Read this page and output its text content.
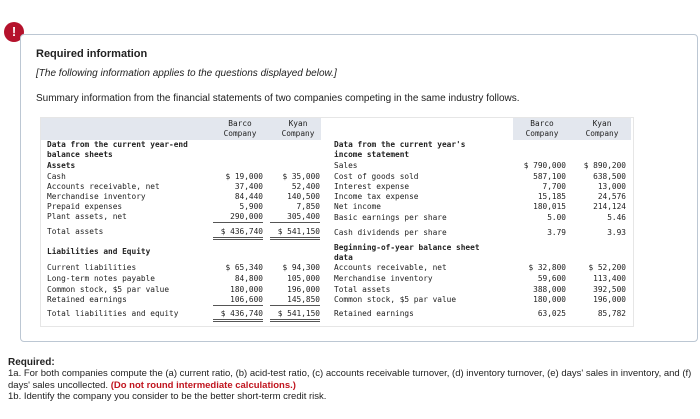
!
Required information
[The following information applies to the questions displayed below.]
Summary information from the financial statements of two companies competing in the same industry follows.
Barco
Company
Kyan
Company
Data from the current year-end
balance sheets
Assets
Cash	$ 19,000	$ 35,000
Accounts receivable, net	37,400	52,400
Merchandise inventory	84,440	140,500
Prepaid expenses	5,900	7,850
Plant assets, net	290,000	305,400
Total assets	$ 436,740	$ 541,150
Liabilities and Equity
Current liabilities	$ 65,340	$ 94,300
Long-term notes payable	84,800	105,000
Common stock, $5 par value	180,000	196,000
Retained earnings	106,600	145,850
Total liabilities and equity	$ 436,740	$ 541,150
Barco
Company
Kyan
Company
Data from the current year's
income statement
Sales	$ 790,000	$ 890,200
Cost of goods sold	587,100	638,500
Interest expense	7,700	13,000
Income tax expense	15,185	24,576
Net income	180,015	214,124
Basic earnings per share	5.00	5.46
Cash dividends per share	3.79	3.93
Beginning-of-year balance sheet
data
Accounts receivable, net	$ 32,800	$ 52,200
Merchandise inventory	59,600	113,400
Total assets	388,000	392,500
Common stock, $5 par value	180,000	196,000
Retained earnings	63,025	85,782
Required:
1a. For both companies compute the (a) current ratio, (b) acid-test ratio, (c) accounts receivable turnover, (d) inventory turnover, (e) days' sales in inventory, and (f) days' sales uncollected. (Do not round intermediate calculations.)
1b. Identify the company you consider to be the better short-term credit risk.
